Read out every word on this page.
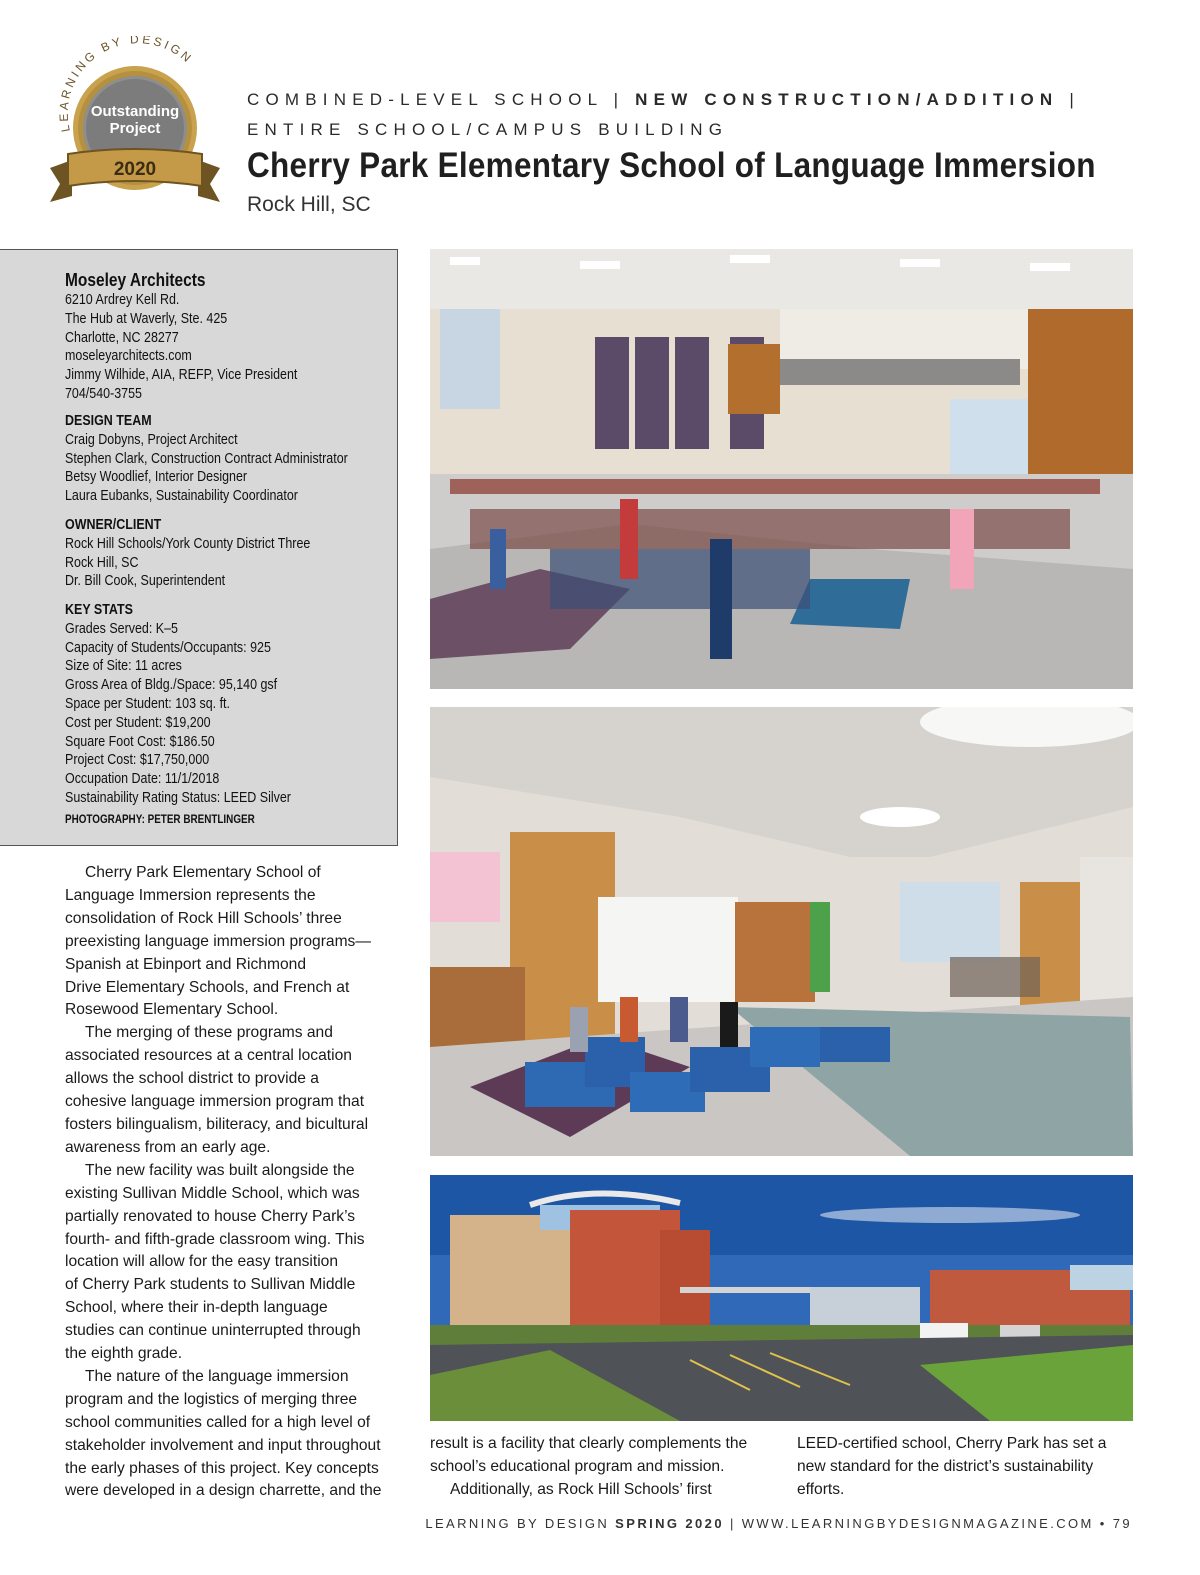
LEARNING BY DESIGN
Outstanding
Project
2020
COMBINED-LEVEL SCHOOL | NEW CONSTRUCTION/ADDITION |
ENTIRE SCHOOL/CAMPUS BUILDING
Cherry Park Elementary School of Language Immersion
Rock Hill, SC
Moseley Architects
6210 Ardrey Kell Rd.
The Hub at Waverly, Ste. 425
Charlotte, NC 28277
moseleyarchitects.com
Jimmy Wilhide, AIA, REFP, Vice President
704/540-3755
DESIGN TEAM
Craig Dobyns, Project Architect
Stephen Clark, Construction Contract Administrator
Betsy Woodlief, Interior Designer
Laura Eubanks, Sustainability Coordinator
OWNER/CLIENT
Rock Hill Schools/York County District Three
Rock Hill, SC
Dr. Bill Cook, Superintendent
KEY STATS
Grades Served: K–5
Capacity of Students/Occupants: 925
Size of Site: 11 acres
Gross Area of Bldg./Space: 95,140 gsf
Space per Student: 103 sq. ft.
Cost per Student: $19,200
Square Foot Cost: $186.50
Project Cost: $17,750,000
Occupation Date: 11/1/2018
Sustainability Rating Status: LEED Silver
PHOTOGRAPHY: PETER BRENTLINGER

Cherry Park Elementary School of
Language Immersion represents the
consolidation of Rock Hill Schools’ three
preexisting language immersion programs—
Spanish at Ebinport and Richmond
Drive Elementary Schools, and French at
Rosewood Elementary School.

The merging of these programs and
associated resources at a central location
allows the school district to provide a
cohesive language immersion program that
fosters bilingualism, biliteracy, and bicultural
awareness from an early age.

The new facility was built alongside the
existing Sullivan Middle School, which was
partially renovated to house Cherry Park’s
fourth- and fifth-grade classroom wing. This
location will allow for the easy transition
of Cherry Park students to Sullivan Middle
School, where their in-depth language
studies can continue uninterrupted through
the eighth grade.

The nature of the language immersion
program and the logistics of merging three
school communities called for a high level of
stakeholder involvement and input throughout
the early phases of this project. Key concepts
were developed in a design charrette, and the

result is a facility that clearly complements the
school’s educational program and mission.

Additionally, as Rock Hill Schools’ first

LEED-certified school, Cherry Park has set a
new standard for the district’s sustainability
efforts.

LEARNING BY DESIGN SPRING 2020 | WWW.LEARNINGBYDESIGNMAGAZINE.COM • 79
